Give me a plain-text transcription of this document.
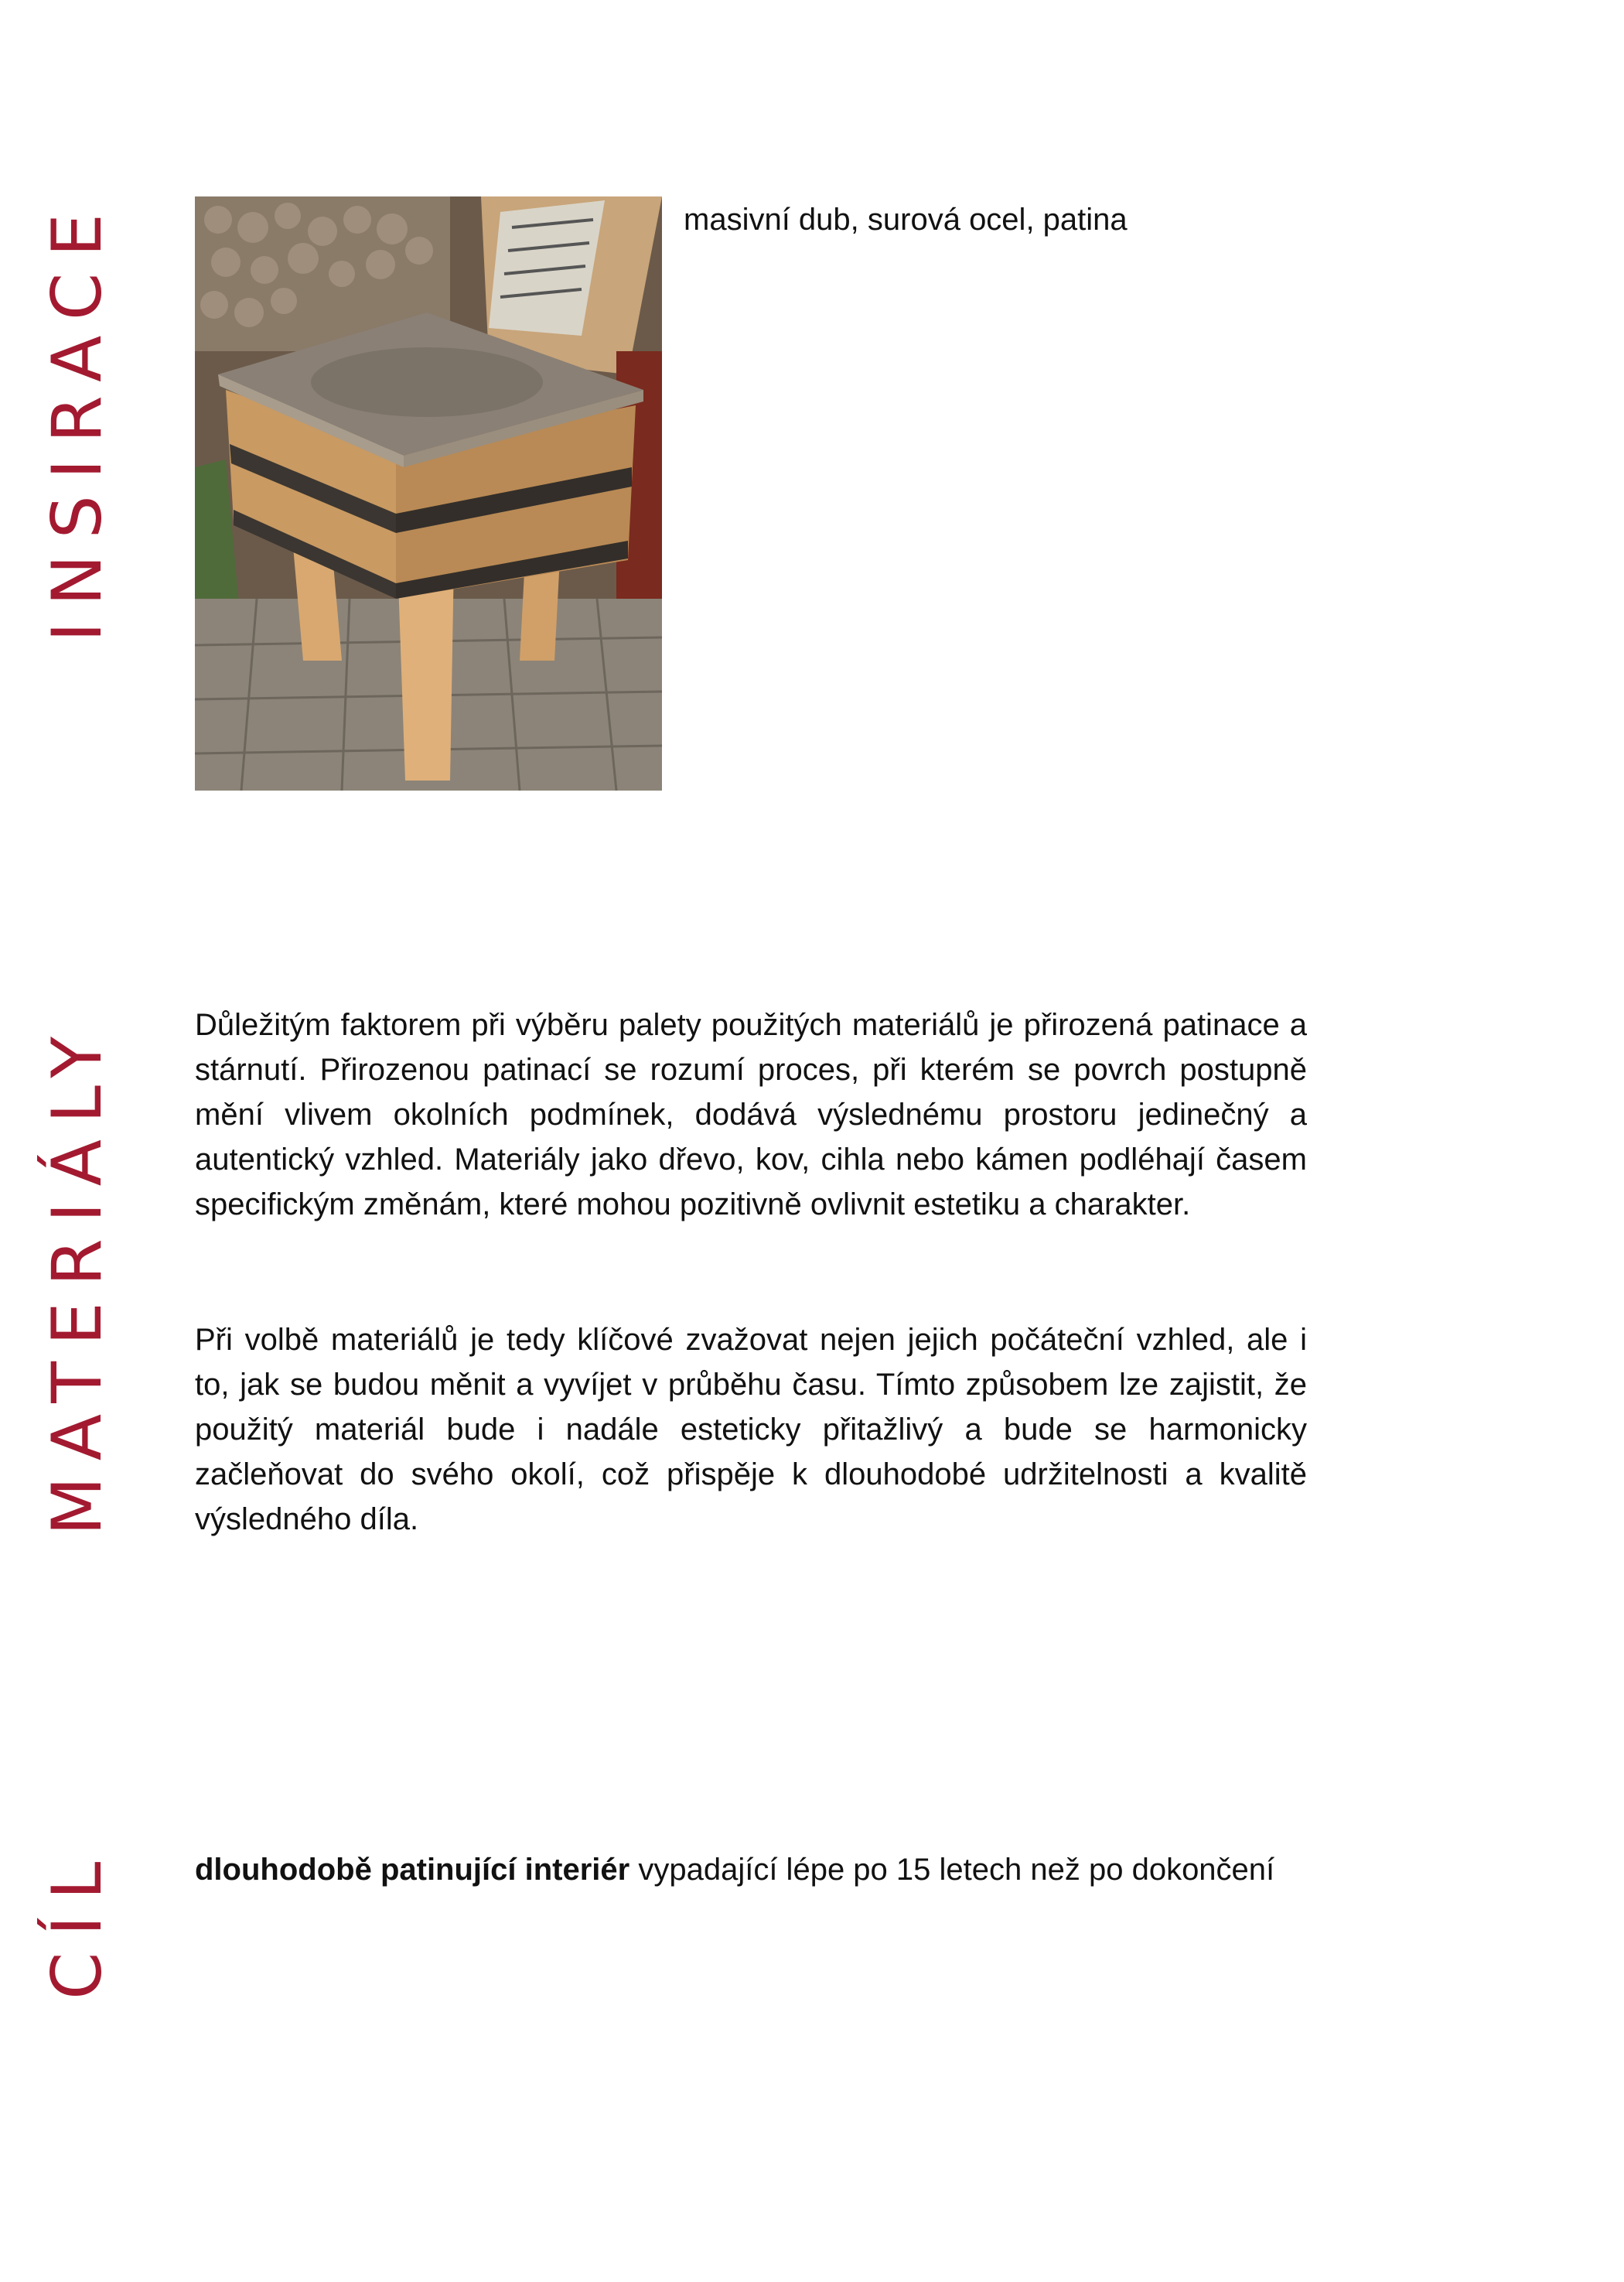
INSIRACE
MATERIÁLY
CÍL

masivní dub, surová ocel, patina

Důležitým faktorem při výběru palety použitých materiálů je přirozená patinace a stárnutí. Přirozenou patinací se rozumí proces, při kterém se povrch postupně mění vlivem okolních podmínek, dodává výslednému prostoru jedinečný a autentický vzhled. Materiály jako dřevo, kov, cihla nebo kámen podléhají časem specifickým změnám, které mohou pozitivně ovlivnit estetiku a charakter.

Při volbě materiálů je tedy klíčové zvažovat nejen jejich počáteční vzhled, ale i to, jak se budou měnit a vyvíjet v průběhu času. Tímto způsobem lze zajistit, že použitý materiál bude i nadále esteticky přitažlivý a bude se harmonicky začleňovat do svého okolí, což přispěje k dlouhodobé udržitelnosti a kvalitě výsledného díla.

dlouhodobě patinující interiér vypadající lépe po 15 letech než po dokončení
